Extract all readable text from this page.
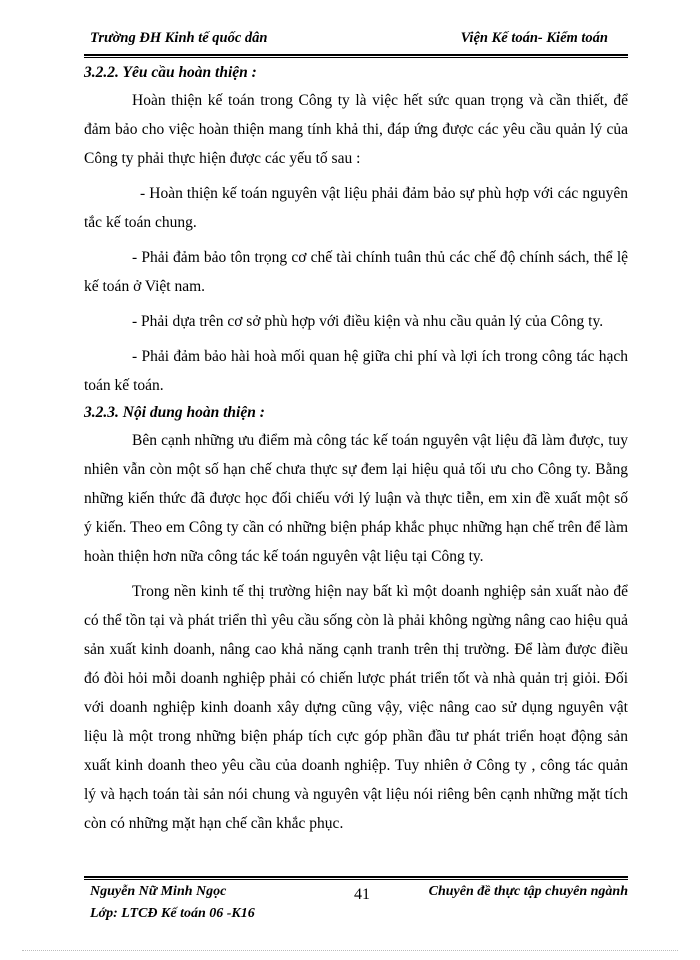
Trường ĐH Kinh tế quốc dân	Viện Kế toán- Kiểm toán
3.2.2. Yêu cầu hoàn thiện :

Hoàn thiện kế toán trong Công ty là việc hết sức quan trọng và cần thiết, để đảm bảo cho việc hoàn thiện mang tính khả thi, đáp ứng được các yêu cầu quản lý của Công ty phải thực hiện được các yếu tố sau :

- Hoàn thiện kế toán nguyên vật liệu phải đảm bảo sự phù hợp với các nguyên tắc kế toán chung.

- Phải đảm bảo tôn trọng cơ chế tài chính tuân thủ các chế độ chính sách, thể lệ kế toán ở Việt nam.

- Phải dựa trên cơ sở phù hợp với điều kiện và nhu cầu quản lý của Công ty.

- Phải đảm bảo hài hoà mối quan hệ giữa chi phí và lợi ích trong công tác hạch toán kế toán.

3.2.3. Nội dung hoàn thiện :

Bên cạnh những ưu điểm mà công tác kế toán nguyên vật liệu đã làm được, tuy nhiên vẫn còn một số hạn chế chưa thực sự đem lại hiệu quả tối ưu cho Công ty. Bằng những kiến thức đã được học đối chiếu với lý luận và thực tiễn, em xin đề xuất một số ý kiến. Theo em Công ty cần có những biện pháp khắc phục những hạn chế trên để làm hoàn thiện hơn nữa công tác kế toán nguyên vật liệu tại Công ty.

Trong nền kinh tế thị trường hiện nay bất kì một doanh nghiệp sản xuất nào để có thể tồn tại và phát triển thì yêu cầu sống còn là phải không ngừng nâng cao hiệu quả sản xuất kinh doanh, nâng cao khả năng cạnh tranh trên thị trường. Để làm được điều đó đòi hỏi mỗi doanh nghiệp phải có chiến lược phát triển tốt và nhà quản trị giỏi. Đối với doanh nghiệp kinh doanh xây dựng cũng vậy, việc nâng cao sử dụng nguyên vật liệu là một trong những biện pháp tích cực góp phần đầu tư phát triển hoạt động sản xuất kinh doanh theo yêu cầu của doanh nghiệp. Tuy nhiên ở Công ty , công tác quản lý và hạch toán tài sản nói chung và nguyên vật liệu nói riêng bên cạnh những mặt tích còn có những mặt hạn chế cần khắc phục.

Nguyễn Nữ Minh Ngọc
Lớp: LTCĐ Kế toán 06 -K16
41	Chuyên đề thực tập chuyên ngành
